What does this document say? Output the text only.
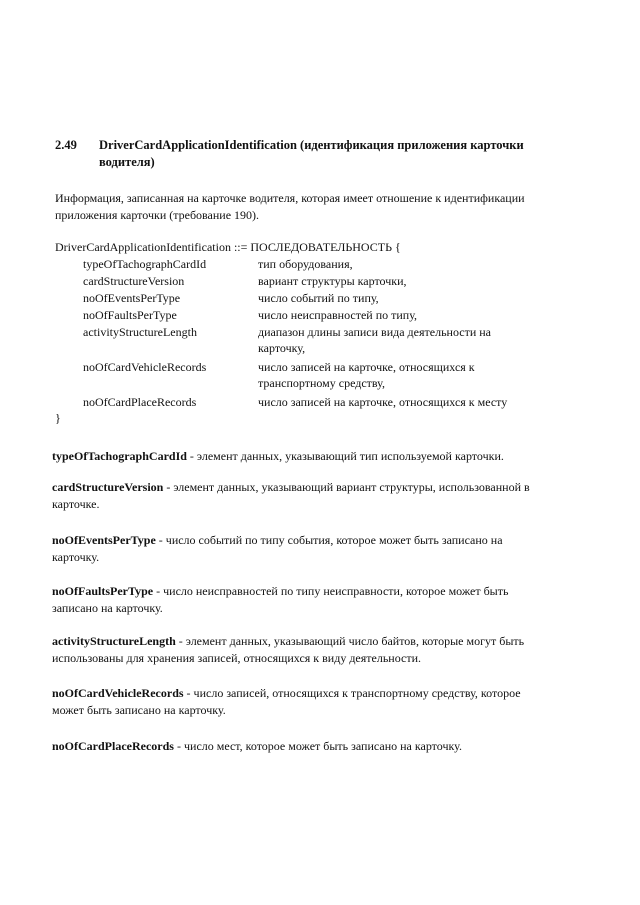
2.49 DriverCardApplicationIdentification (идентификация приложения карточки водителя)
Информация, записанная на карточке водителя, которая имеет отношение к идентификации приложения карточки (требование 190).
DriverCardApplicationIdentification ::= ПОСЛЕДОВАТЕЛЬНОСТЬ {
typeOfTachographCardId	тип оборудования,
cardStructureVersion	вариант структуры карточки,
noOfEventsPerType	число событий по типу,
noOfFaultsPerType	число неисправностей по типу,
activityStructureLength	диапазон длины записи вида деятельности на карточку,
noOfCardVehicleRecords	число записей на карточке, относящихся к транспортному средству,
noOfCardPlaceRecords	число записей на карточке, относящихся к месту
}
typeOfTachographCardId - элемент данных, указывающий тип используемой карточки.
cardStructureVersion - элемент данных, указывающий вариант структуры, использованной в карточке.
noOfEventsPerType - число событий по типу события, которое может быть записано на карточку.
noOfFaultsPerType - число неисправностей по типу неисправности, которое может быть записано на карточку.
activityStructureLength - элемент данных, указывающий число байтов, которые могут быть использованы для хранения записей, относящихся к виду деятельности.
noOfCardVehicleRecords - число записей, относящихся к транспортному средству, которое может быть записано на карточку.
noOfCardPlaceRecords - число мест, которое может быть записано на карточку.
